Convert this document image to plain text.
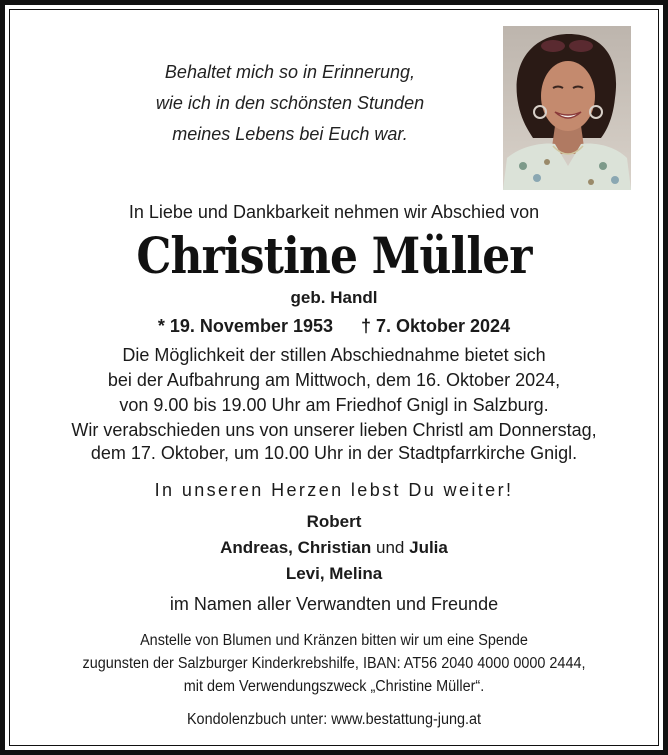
Behaltet mich so in Erinnerung,
wie ich in den schönsten Stunden
meines Lebens bei Euch war.
In Liebe und Dankbarkeit nehmen wir Abschied von
Christine Müller
geb. Handl
* 19. November 1953 † 7. Oktober 2024
Die Möglichkeit der stillen Abschiednahme bietet sich
bei der Aufbahrung am Mittwoch, dem 16. Oktober 2024,
von 9.00 bis 19.00 Uhr am Friedhof Gnigl in Salzburg.
Wir verabschieden uns von unserer lieben Christl am Donnerstag,
dem 17. Oktober, um 10.00 Uhr in der Stadtpfarrkirche Gnigl.
In unseren Herzen lebst Du weiter!
Robert
Andreas, Christian und Julia
Levi, Melina
im Namen aller Verwandten und Freunde
Anstelle von Blumen und Kränzen bitten wir um eine Spende
zugunsten der Salzburger Kinderkrebshilfe, IBAN: AT56 2040 4000 0000 2444,
mit dem Verwendungszweck „Christine Müller“.
Kondolenzbuch unter: www.bestattung-jung.at
